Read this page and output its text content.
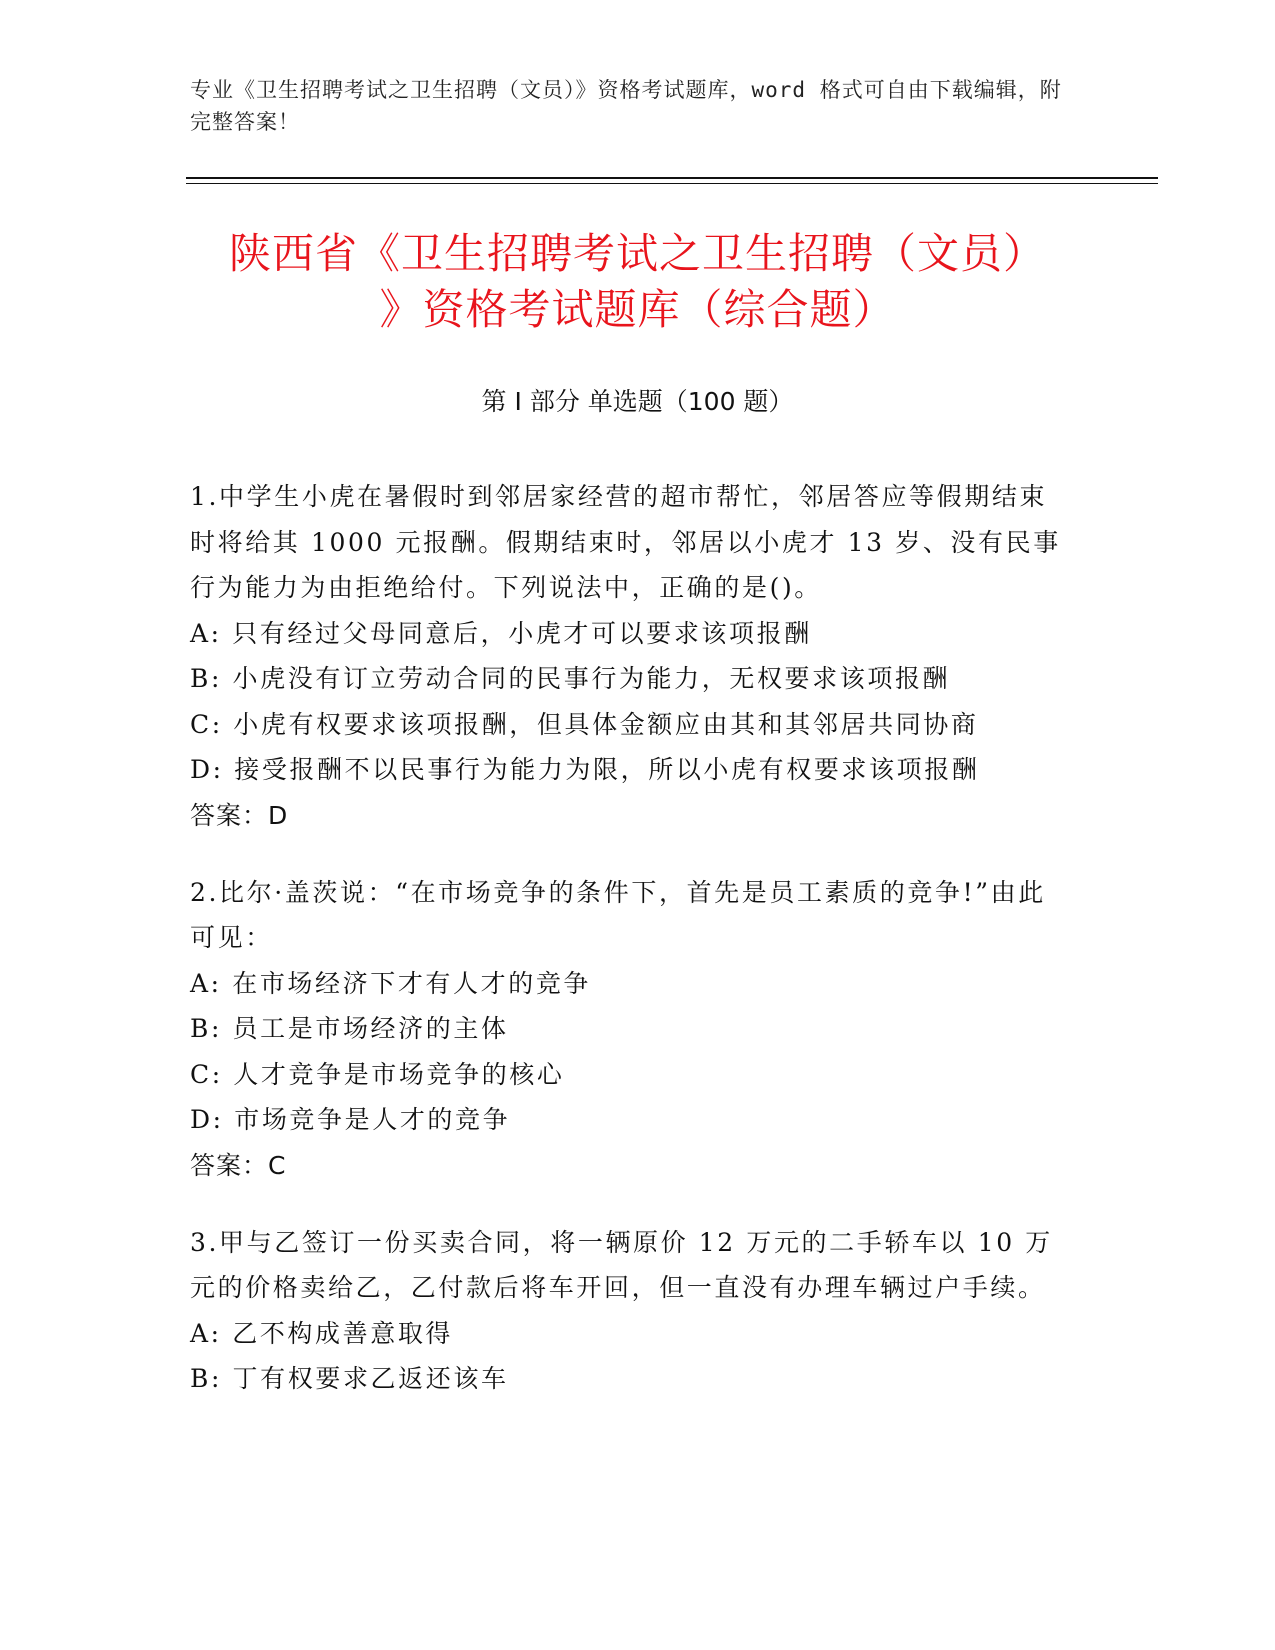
专业《卫生招聘考试之卫生招聘（文员）》资格考试题库，word 格式可自由下载编辑，附完整答案！
陕西省《卫生招聘考试之卫生招聘（文员）
》资格考试题库（综合题）
第 I 部分 单选题（100 题）

1.中学生小虎在暑假时到邻居家经营的超市帮忙，邻居答应等假期结束时将给其 1000 元报酬。假期结束时，邻居以小虎才 13 岁、没有民事行为能力为由拒绝给付。下列说法中，正确的是()。

A: 只有经过父母同意后，小虎才可以要求该项报酬

B: 小虎没有订立劳动合同的民事行为能力，无权要求该项报酬

C: 小虎有权要求该项报酬，但具体金额应由其和其邻居共同协商

D: 接受报酬不以民事行为能力为限，所以小虎有权要求该项报酬

答案：D

2.比尔·盖茨说：“在市场竞争的条件下，首先是员工素质的竞争!”由此可见：

A: 在市场经济下才有人才的竞争

B: 员工是市场经济的主体

C: 人才竞争是市场竞争的核心

D: 市场竞争是人才的竞争

答案：C

3.甲与乙签订一份买卖合同，将一辆原价 12 万元的二手轿车以 10 万元的价格卖给乙，乙付款后将车开回，但一直没有办理车辆过户手续。

A: 乙不构成善意取得

B: 丁有权要求乙返还该车
